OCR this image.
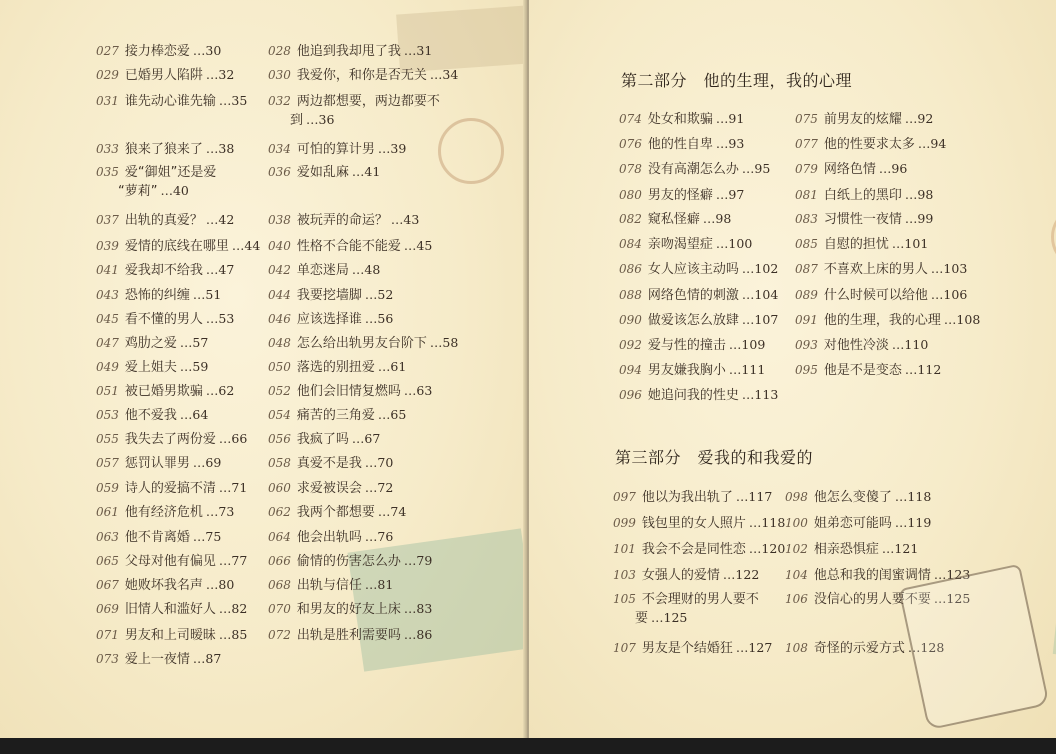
027 接力棒恋爱 …30
029 已婚男人陷阱 …32
031 谁先动心谁先输 …35
033 狼来了狼来了 …38
035 爱“御姐”还是爱
“萝莉” …40
037 出轨的真爱？ …42
039 爱情的底线在哪里 …44
041 爱我却不给我 …47
043 恐怖的纠缠 …51
045 看不懂的男人 …53
047 鸡肋之爱 …57
049 爱上姐夫 …59
051 被已婚男欺骗 …62
053 他不爱我 …64
055 我失去了两份爱 …66
057 惩罚认罪男 …69
059 诗人的爱搞不清 …71
061 他有经济危机 …73
063 他不肯离婚 …75
065 父母对他有偏见 …77
067 她败坏我名声 …80
069 旧情人和滥好人 …82
071 男友和上司暧昧 …85
073 爱上一夜情 …87
028 他追到我却甩了我 …31
030 我爱你，和你是否无关 …34
032 两边都想要，两边都要不
到 …36
034 可怕的算计男 …39
036 爱如乱麻 …41
038 被玩弄的命运？ …43
040 性格不合能不能爱 …45
042 单恋迷局 …48
044 我要挖墙脚 …52
046 应该选择谁 …56
048 怎么给出轨男友台阶下 …58
050 落选的别扭爱 …61
052 他们会旧情复燃吗 …63
054 痛苦的三角爱 …65
056 我疯了吗 …67
058 真爱不是我 …70
060 求爱被误会 …72
062 我两个都想要 …74
064 他会出轨吗 …76
066 偷情的伤害怎么办 …79
068 出轨与信任 …81
070 和男友的好友上床 …83
072 出轨是胜利需要吗 …86
第二部分　他的生理，我的心理
074 处女和欺骗 …91
076 他的性自卑 …93
078 没有高潮怎么办 …95
080 男友的怪癖 …97
082 窥私怪癖 …98
084 亲吻渴望症 …100
086 女人应该主动吗 …102
088 网络色情的刺激 …104
090 做爱该怎么放肆 …107
092 爱与性的撞击 …109
094 男友嫌我胸小 …111
096 她追问我的性史 …113
075 前男友的炫耀 …92
077 他的性要求太多 …94
079 网络色情 …96
081 白纸上的黑印 …98
083 习惯性一夜情 …99
085 自慰的担忧 …101
087 不喜欢上床的男人 …103
089 什么时候可以给他 …106
091 他的生理，我的心理 …108
093 对他性冷淡 …110
095 他是不是变态 …112
第三部分　爱我的和我爱的
097 他以为我出轨了 …117
099 钱包里的女人照片 …118
101 我会不会是同性恋 …120
103 女强人的爱情 …122
105 不会理财的男人要不
要 …125
107 男友是个结婚狂 …127
098 他怎么变傻了 …118
100 姐弟恋可能吗 …119
102 相亲恐惧症 …121
104 他总和我的闺蜜调情 …123
106 没信心的男人要不要 …125
108 奇怪的示爱方式 …128
